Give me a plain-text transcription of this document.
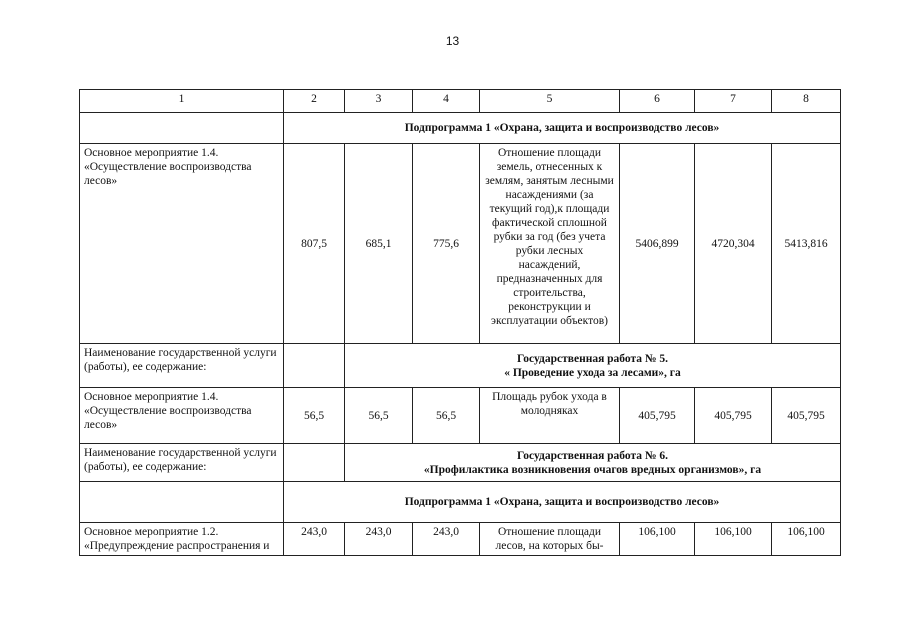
13
1	2	3	4	5	6	7	8
	Подпрограмма 1 «Охрана, защита и воспроизводство лесов»						
Основное мероприятие 1.4. «Осуществление воспроизводства лесов»	807,5	685,1	775,6	Отношение площади земель, отнесенных к землям, занятым лесными насаждениями (за текущий год),к площади фактической сплошной рубки за год (без учета рубки лесных насаждений, предназначенных для строительства, реконструкции и эксплуатации объектов)	5406,899	4720,304	5413,816
Наименование государственной услуги (работы), ее содержание:		Государственная работа № 5.
« Проведение ухода за лесами», га					

Основное мероприятие 1.4. «Осуществление воспроизводства лесов»	56,5	56,5	56,5	Площадь рубок ухода в молодняках	405,795	405,795	405,795
Наименование государственной услуги (работы), ее содержание:		Государственная работа № 6.
«Профилактика возникновения очагов вредных организмов», га					

	Подпрограмма 1 «Охрана, защита и воспроизводство лесов»						
Основное мероприятие 1.2. «Предупреждение распространения и	243,0	243,0	243,0	Отношение площади лесов, на которых бы-	106,100	106,100	106,100
